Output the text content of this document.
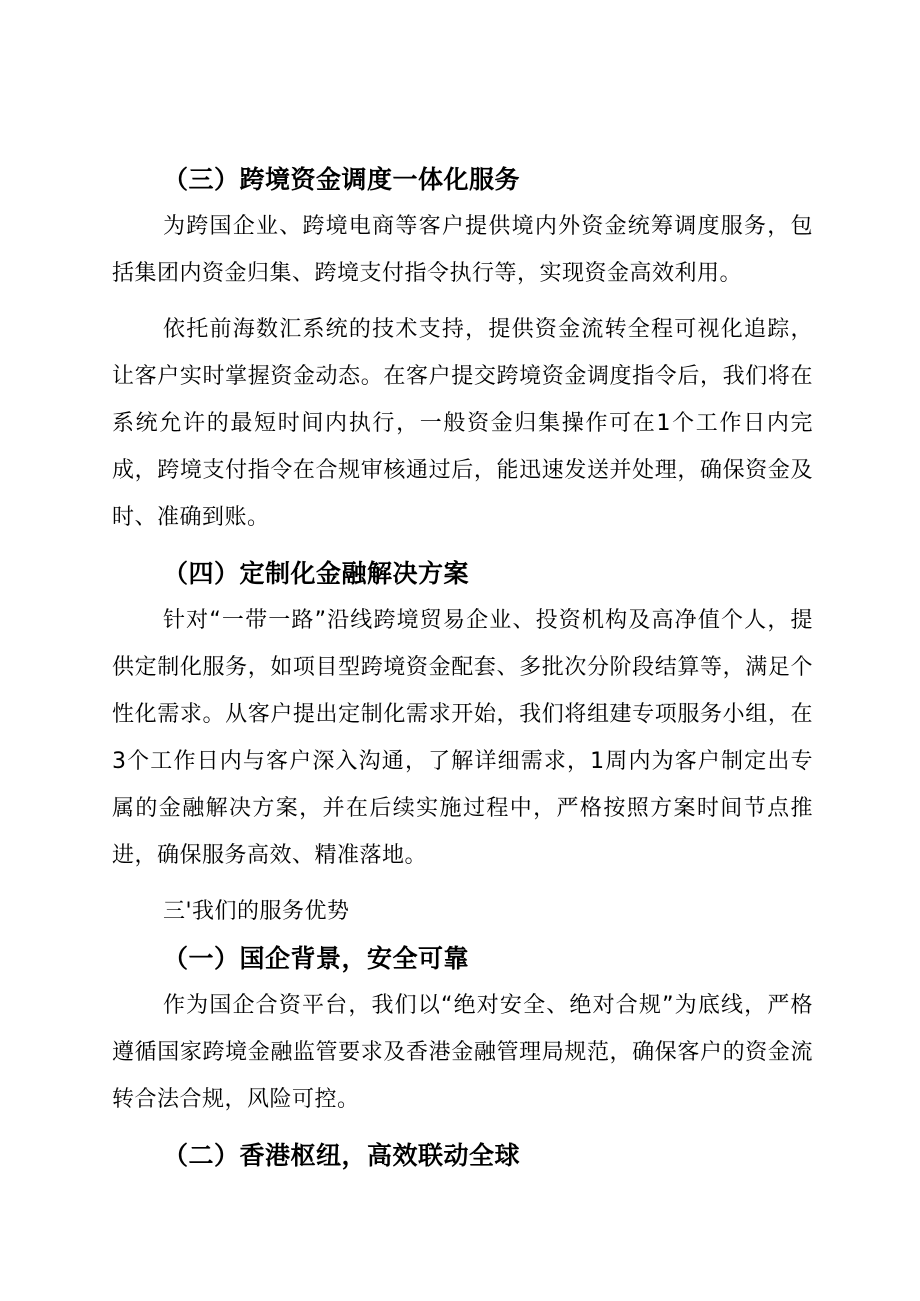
（三）跨境资金调度一体化服务

为跨国企业、跨境电商等客户提供境内外资金统筹调度服务，包括集团内资金归集、跨境支付指令执行等，实现资金高效利用。

依托前海数汇系统的技术支持，提供资金流转全程可视化追踪，让客户实时掌握资金动态。在客户提交跨境资金调度指令后，我们将在系统允许的最短时间内执行，一般资金归集操作可在1个工作日内完成，跨境支付指令在合规审核通过后，能迅速发送并处理，确保资金及时、准确到账。

（四）定制化金融解决方案

针对“一带一路”沿线跨境贸易企业、投资机构及高净值个人，提供定制化服务，如项目型跨境资金配套、多批次分阶段结算等，满足个性化需求。从客户提出定制化需求开始，我们将组建专项服务小组，在3个工作日内与客户深入沟通，了解详细需求，1周内为客户制定出专属的金融解决方案，并在后续实施过程中，严格按照方案时间节点推进，确保服务高效、精准落地。

三'我们的服务优势

（一）国企背景，安全可靠

作为国企合资平台，我们以“绝对安全、绝对合规”为底线，严格遵循国家跨境金融监管要求及香港金融管理局规范，确保客户的资金流转合法合规，风险可控。

（二）香港枢纽，高效联动全球
